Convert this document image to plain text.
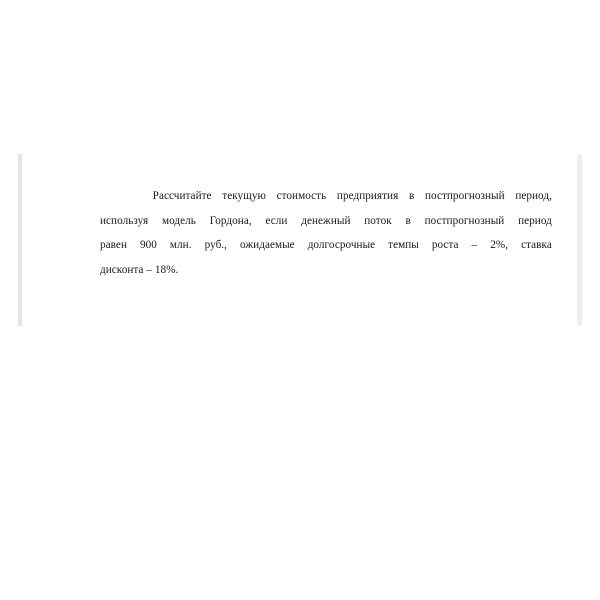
Рассчитайте текущую стоимость предприятия в постпрогнозный период,
используя модель Гордона, если денежный поток в постпрогнозный период
равен 900 млн. руб., ожидаемые долгосрочные темпы роста – 2%, ставка
дисконта – 18%.
